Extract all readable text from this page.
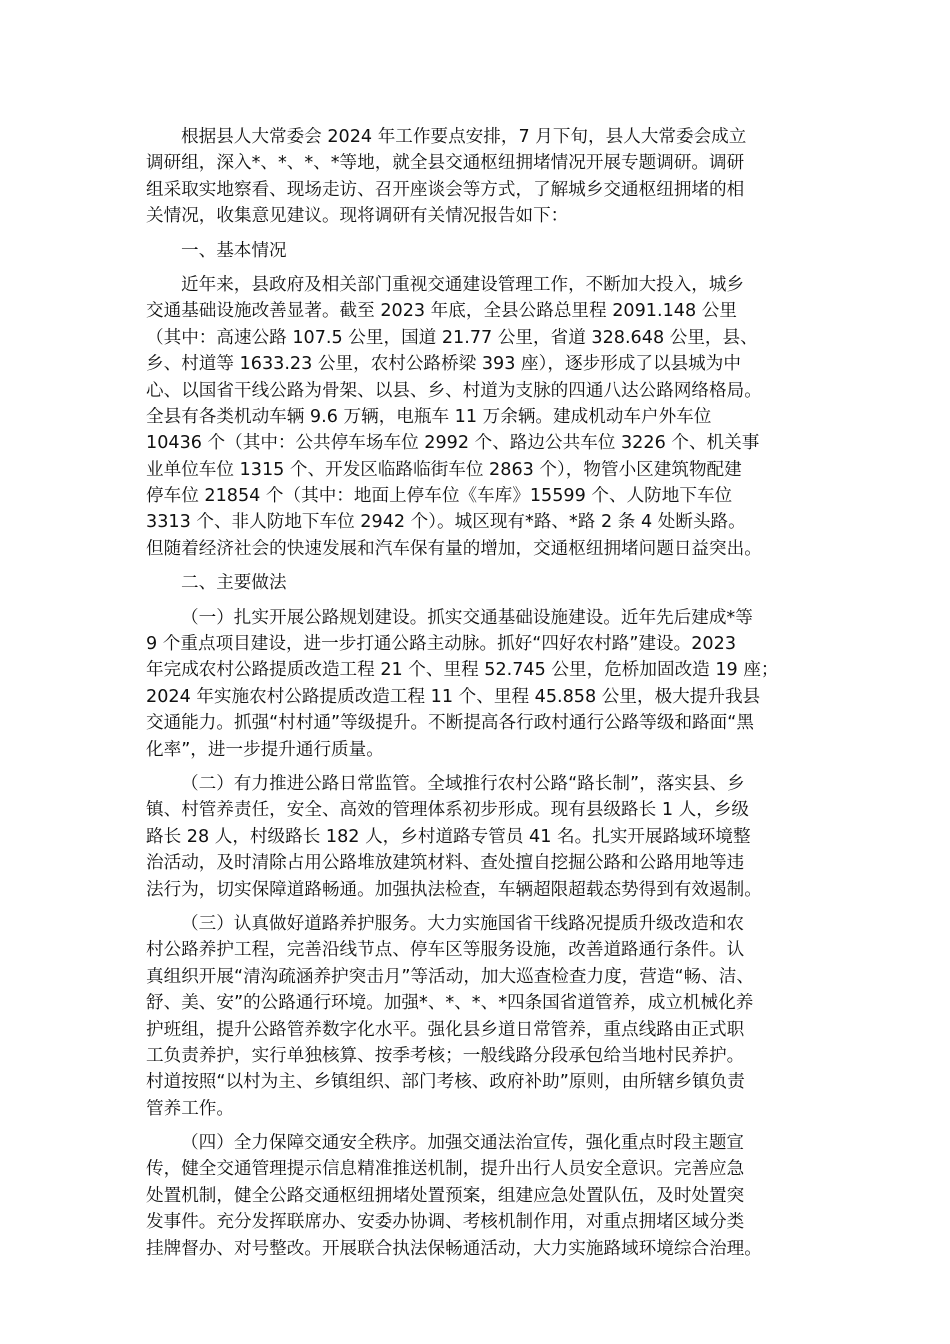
根据县人大常委会 2024 年工作要点安排，7 月下旬，县人大常委会成立
调研组，深入*、*、*、*等地，就全县交通枢纽拥堵情况开展专题调研。调研
组采取实地察看、现场走访、召开座谈会等方式，了解城乡交通枢纽拥堵的相
关情况，收集意见建议。现将调研有关情况报告如下：
一、基本情况
近年来，县政府及相关部门重视交通建设管理工作，不断加大投入，城乡
交通基础设施改善显著。截至 2023 年底，全县公路总里程 2091.148 公里
（其中：高速公路 107.5 公里，国道 21.77 公里，省道 328.648 公里，县、
乡、村道等 1633.23 公里，农村公路桥梁 393 座），逐步形成了以县城为中
心、以国省干线公路为骨架、以县、乡、村道为支脉的四通八达公路网络格局。
全县有各类机动车辆 9.6 万辆，电瓶车 11 万余辆。建成机动车户外车位
10436 个（其中：公共停车场车位 2992 个、路边公共车位 3226 个、机关事
业单位车位 1315 个、开发区临路临街车位 2863 个），物管小区建筑物配建
停车位 21854 个（其中：地面上停车位《车库》15599 个、人防地下车位
3313 个、非人防地下车位 2942 个）。城区现有*路、*路 2 条 4 处断头路。
但随着经济社会的快速发展和汽车保有量的增加，交通枢纽拥堵问题日益突出。
二、主要做法
（一）扎实开展公路规划建设。抓实交通基础设施建设。近年先后建成*等
9 个重点项目建设，进一步打通公路主动脉。抓好“四好农村路”建设。2023
年完成农村公路提质改造工程 21 个、里程 52.745 公里，危桥加固改造 19 座；
2024 年实施农村公路提质改造工程 11 个、里程 45.858 公里，极大提升我县
交通能力。抓强“村村通”等级提升。不断提高各行政村通行公路等级和路面“黑
化率”，进一步提升通行质量。
（二）有力推进公路日常监管。全域推行农村公路“路长制”，落实县、乡
镇、村管养责任，安全、高效的管理体系初步形成。现有县级路长 1 人，乡级
路长 28 人，村级路长 182 人，乡村道路专管员 41 名。扎实开展路域环境整
治活动，及时清除占用公路堆放建筑材料、查处擅自挖掘公路和公路用地等违
法行为，切实保障道路畅通。加强执法检查，车辆超限超载态势得到有效遏制。
（三）认真做好道路养护服务。大力实施国省干线路况提质升级改造和农
村公路养护工程，完善沿线节点、停车区等服务设施，改善道路通行条件。认
真组织开展“清沟疏涵养护突击月”等活动，加大巡查检查力度，营造“畅、洁、
舒、美、安”的公路通行环境。加强*、*、*、*四条国省道管养，成立机械化养
护班组，提升公路管养数字化水平。强化县乡道日常管养，重点线路由正式职
工负责养护，实行单独核算、按季考核；一般线路分段承包给当地村民养护。
村道按照“以村为主、乡镇组织、部门考核、政府补助”原则，由所辖乡镇负责
管养工作。
（四）全力保障交通安全秩序。加强交通法治宣传，强化重点时段主题宣
传，健全交通管理提示信息精准推送机制，提升出行人员安全意识。完善应急
处置机制，健全公路交通枢纽拥堵处置预案，组建应急处置队伍，及时处置突
发事件。充分发挥联席办、安委办协调、考核机制作用，对重点拥堵区域分类
挂牌督办、对号整改。开展联合执法保畅通活动，大力实施路域环境综合治理。
